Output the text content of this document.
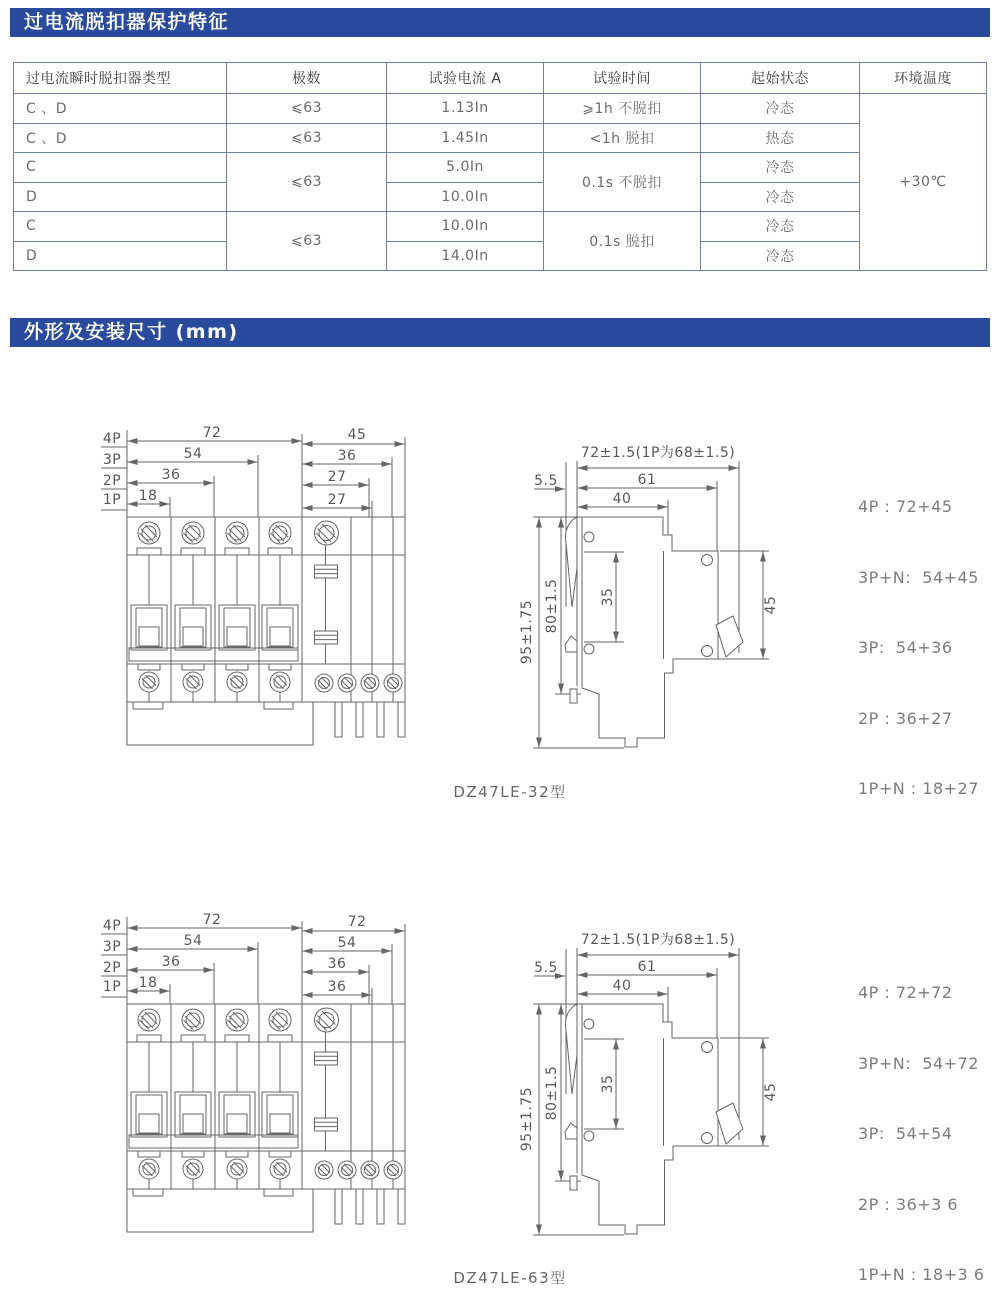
过电流脱扣器保护特征
过电流瞬时脱扣器类型	极数	试验电流 A	试验时间	起始状态	环境温度
C 、D	⩽63	1.13In	⩾1h 不脱扣	冷态	+30℃
C 、D	⩽63	1.45In	<1h 脱扣	热态	
C	⩽63	5.0In	0.1s 不脱扣	冷态	
D		10.0In		冷态	
C	⩽63	10.0In	0.1s 脱扣	冷态	
D		14.0In		冷态	
外形及安装尺寸 (mm)
4P
3P
2P
1P
72
54
36
18
45
36
27
27
72±1.5(1P为68±1.5)
61
40
5.5
95±1.75 80±1.5	35	45

4P : 72+45

3P+N:  54+45

3P:  54+36

2P : 36+27

1P+N : 18+27

DZ47LE-32型
4P
3P
2P
1P
72
54
36
18
72
54
36
36
72±1.5(1P为68±1.5)
61
40
5.5
95±1.75 80±1.5	35	45

4P : 72+72

3P+N:  54+72

3P:  54+54

2P : 36+3 6

1P+N : 18+3 6

DZ47LE-63型
